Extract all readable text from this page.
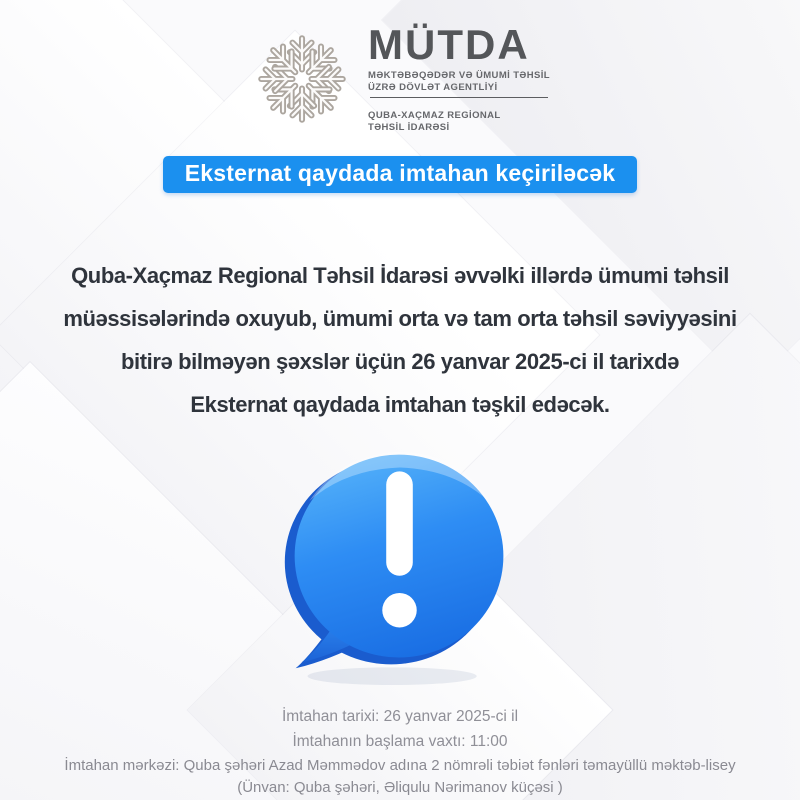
MÜTDA
MƏKTƏBƏQƏDƏR VƏ ÜMUMİ TƏHSİL
ÜZRƏ DÖVLƏT AGENTLİYİ
QUBA-XAÇMAZ REGİONAL
TƏHSİL İDARƏSİ
Eksternat qaydada imtahan keçiriləcək
Quba-Xaçmaz Regional Təhsil İdarəsi əvvəlki illərdə ümumi təhsil
müəssisələrində oxuyub, ümumi orta və tam orta təhsil səviyyəsini
bitirə bilməyən şəxslər üçün 26 yanvar 2025-ci il tarixdə
Eksternat qaydada imtahan təşkil edəcək.
İmtahan tarixi: 26 yanvar 2025-ci il
İmtahanın başlama vaxtı: 11:00
İmtahan mərkəzi: Quba şəhəri Azad Məmmədov adına 2 nömrəli təbiət fənləri təmayüllü məktəb-lisey
(Ünvan: Quba şəhəri, Əliqulu Nərimanov küçəsi )
